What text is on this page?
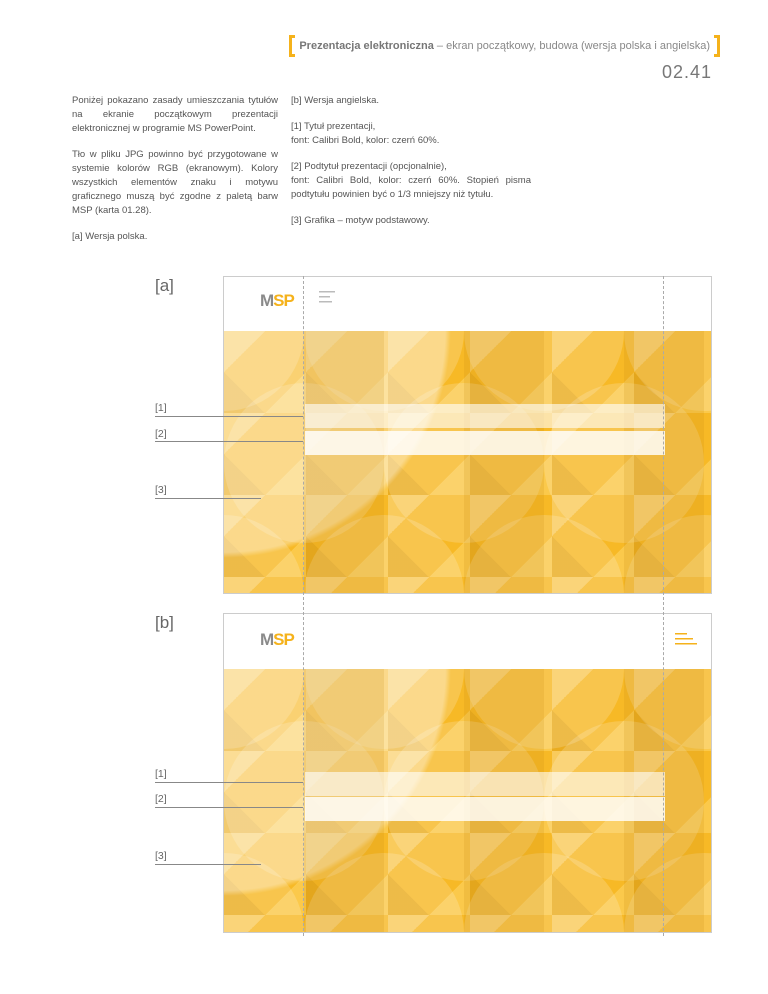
Prezentacja elektroniczna – ekran początkowy, budowa (wersja polska i angielska)
02.41

Poniżej pokazano zasady umieszczania tytułów na ekranie początkowym prezentacji elektronicznej w programie MS PowerPoint.

Tło w pliku JPG powinno być przygotowane w systemie kolorów RGB (ekranowym). Kolory wszystkich elementów znaku i motywu graficznego muszą być zgodne z paletą barw MSP (karta 01.28).

[a] Wersja polska.

[b] Wersja angielska.

[1] Tytuł prezentacji,
font: Calibri Bold, kolor: czerń 60%.

[2] Podtytuł prezentacji (opcjonalnie),
font: Calibri Bold, kolor: czerń 60%. Stopień pisma podtytułu powinien być o 1/3 mniejszy niż tytułu.

[3] Grafika – motyw podstawowy.

[a]
MSP
[b]
MSP
[1]
[2]
[3]
[1]
[2]
[3]
